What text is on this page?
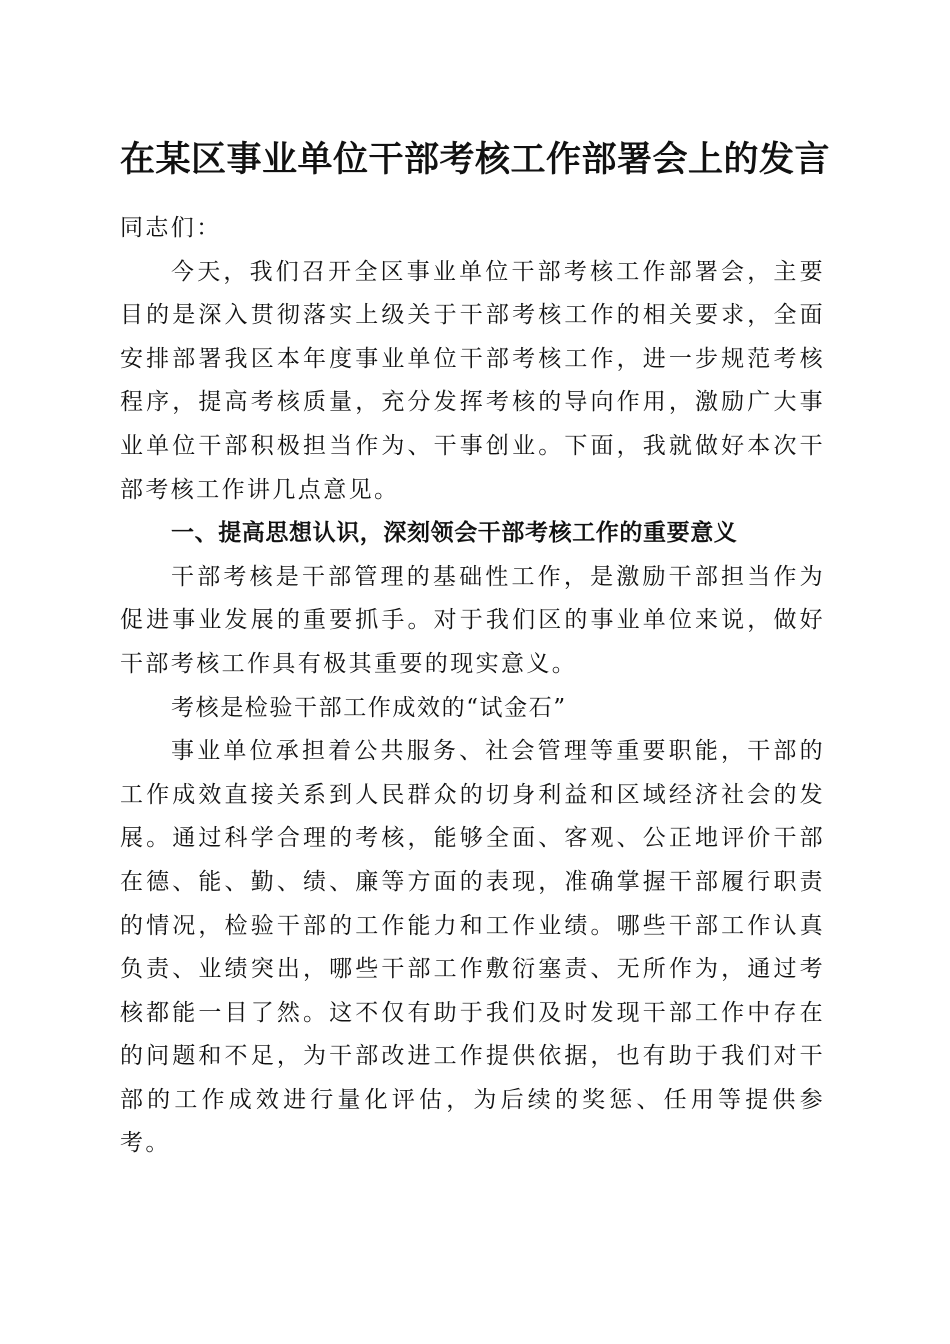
在某区事业单位干部考核工作部署会上的发言

同志们：

今天，我们召开全区事业单位干部考核工作部署会，主要目的是深入贯彻落实上级关于干部考核工作的相关要求，全面安排部署我区本年度事业单位干部考核工作，进一步规范考核程序，提高考核质量，充分发挥考核的导向作用，激励广大事业单位干部积极担当作为、干事创业。下面，我就做好本次干部考核工作讲几点意见。

一、提高思想认识，深刻领会干部考核工作的重要意义

干部考核是干部管理的基础性工作，是激励干部担当作为促进事业发展的重要抓手。对于我们区的事业单位来说，做好干部考核工作具有极其重要的现实意义。

考核是检验干部工作成效的“试金石”

事业单位承担着公共服务、社会管理等重要职能，干部的工作成效直接关系到人民群众的切身利益和区域经济社会的发展。通过科学合理的考核，能够全面、客观、公正地评价干部在德、能、勤、绩、廉等方面的表现，准确掌握干部履行职责的情况，检验干部的工作能力和工作业绩。哪些干部工作认真负责、业绩突出，哪些干部工作敷衍塞责、无所作为，通过考核都能一目了然。这不仅有助于我们及时发现干部工作中存在的问题和不足，为干部改进工作提供依据，也有助于我们对干部的工作成效进行量化评估，为后续的奖惩、任用等提供参考。
